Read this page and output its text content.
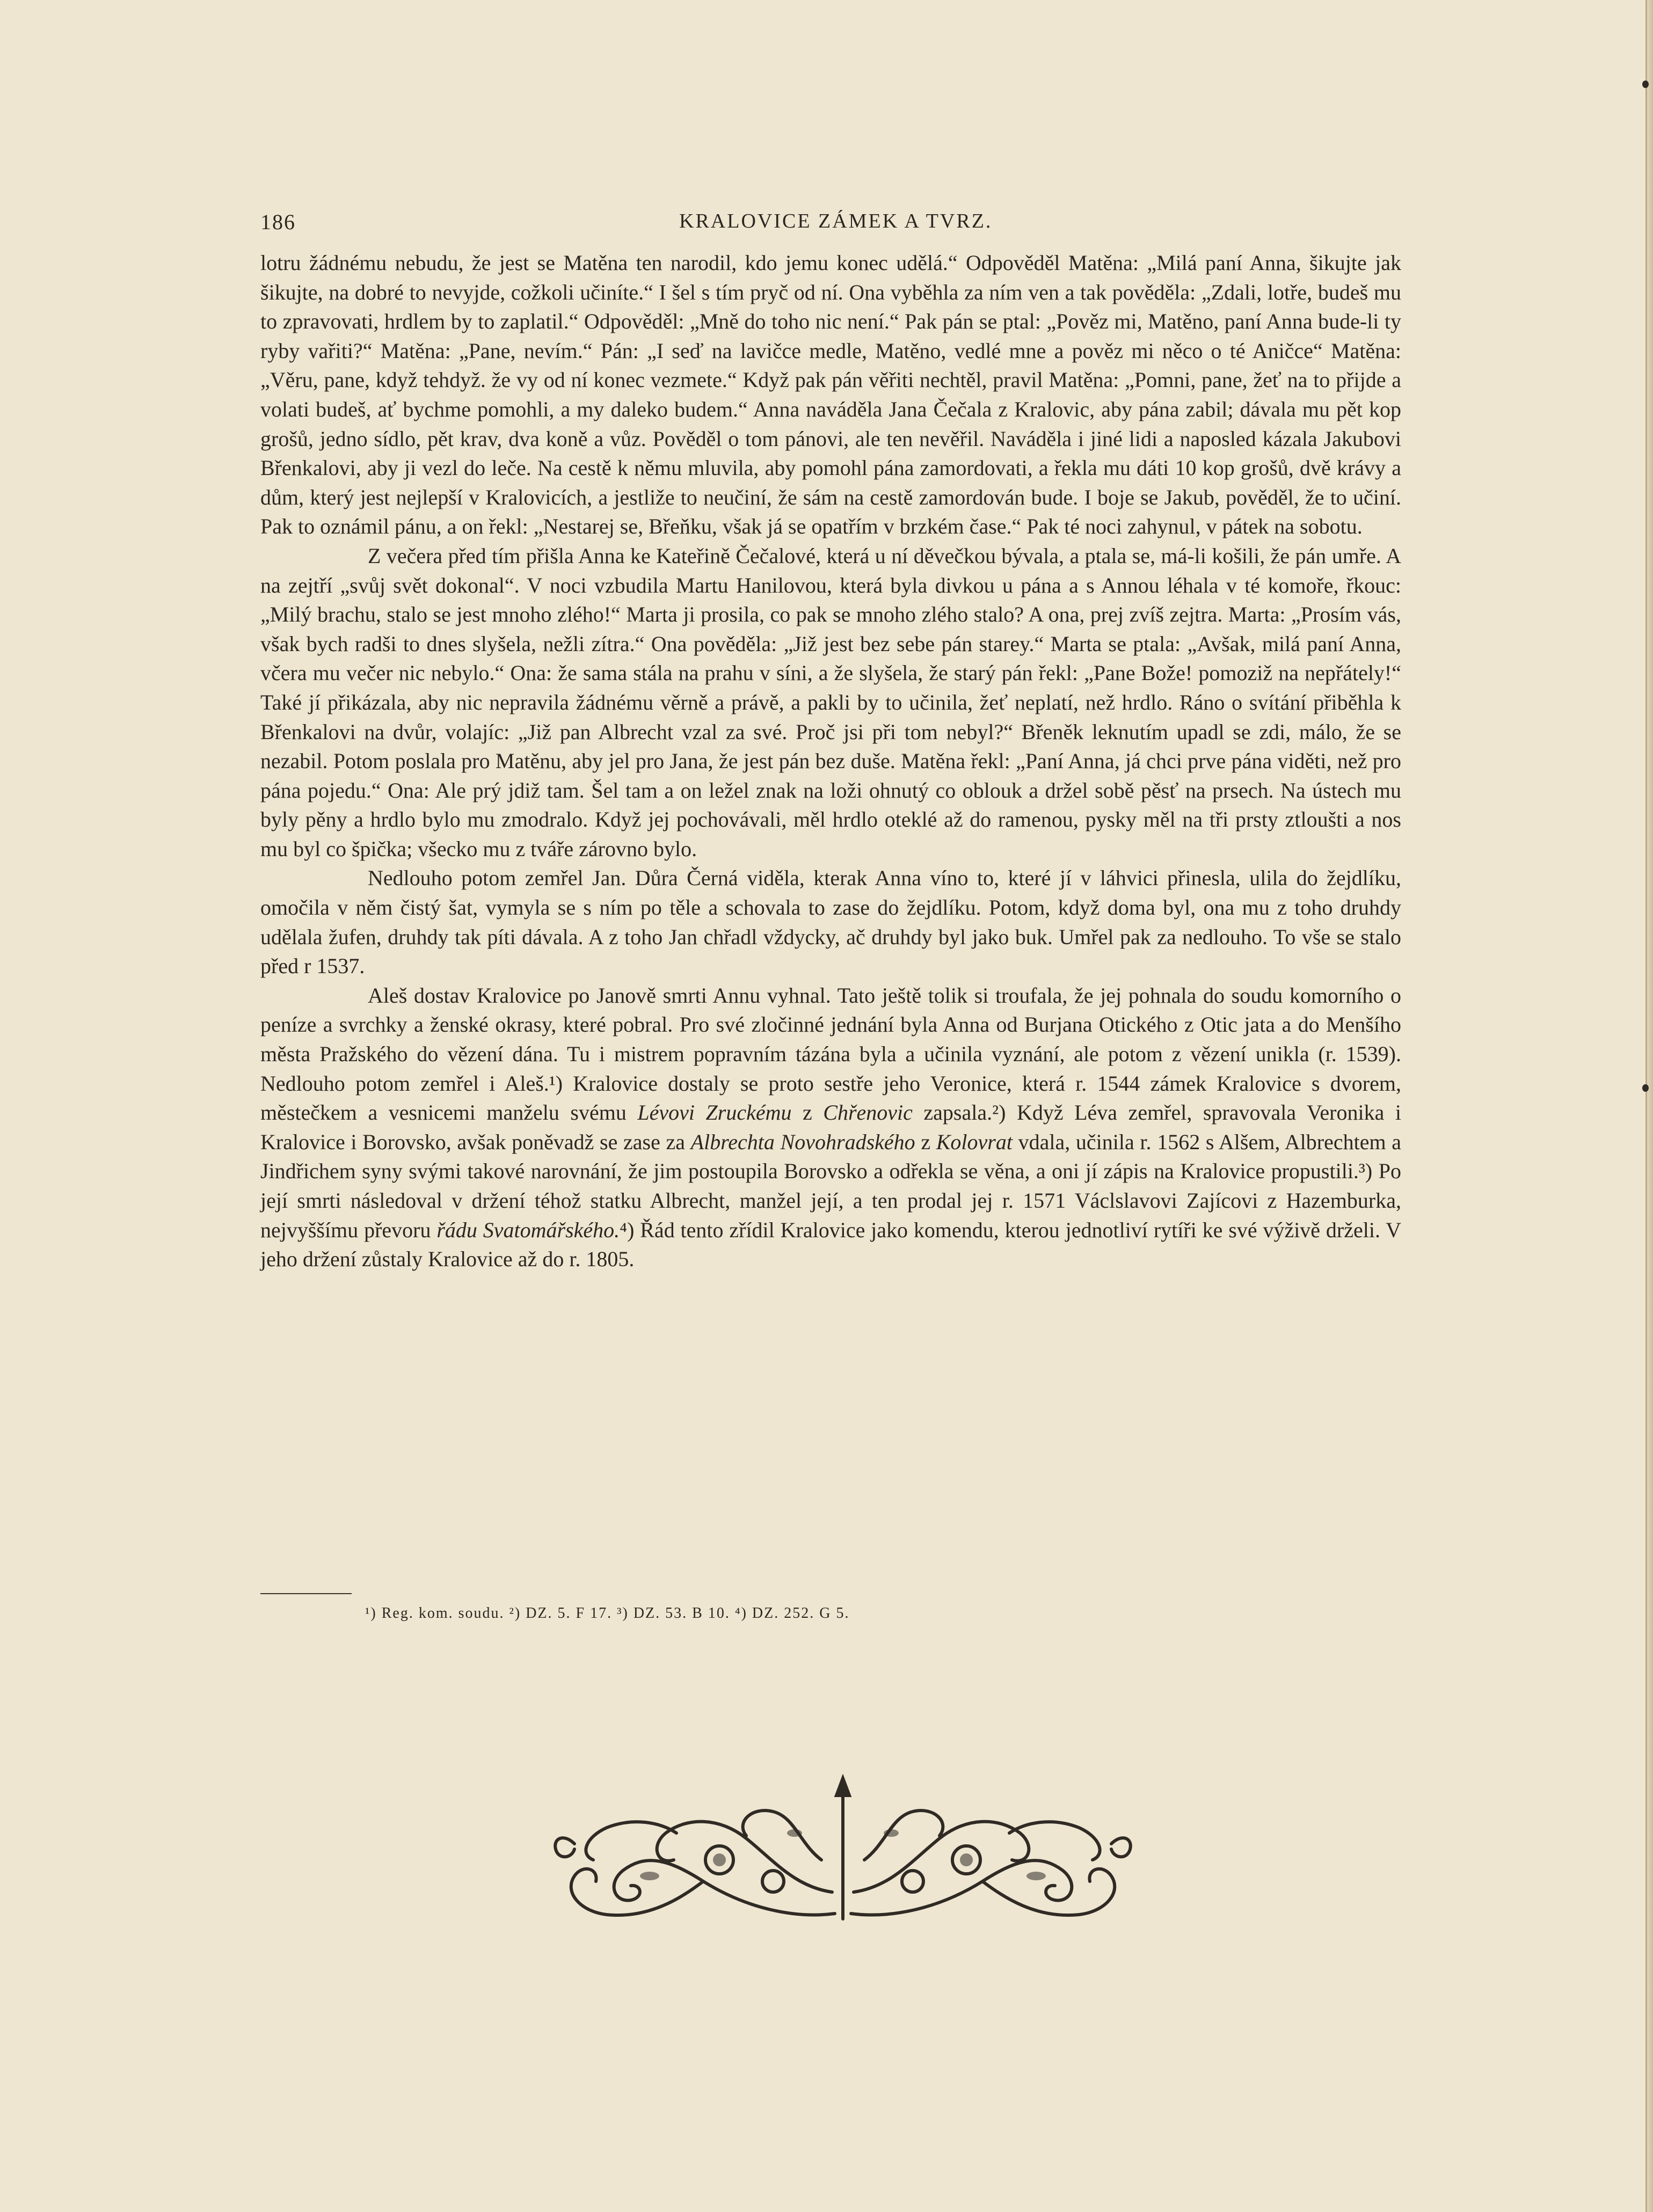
186	KRALOVICE ZÁMEK A TVRZ.

lotru žádnému nebudu, že jest se Matěna ten narodil, kdo jemu konec udělá.“ Odpověděl Matěna: „Milá paní Anna, šikujte jak šikujte, na dobré to nevyjde, cožkoli učiníte.“ I šel s tím pryč od ní. Ona vyběhla za ním ven a tak pověděla: „Zdali, lotře, budeš mu to zpravovati, hrdlem by to zaplatil.“ Odpověděl: „Mně do toho nic není.“ Pak pán se ptal: „Pověz mi, Matěno, paní Anna bude-li ty ryby vařiti?“ Matěna: „Pane, nevím.“ Pán: „I seď na lavičce medle, Matěno, vedlé mne a pověz mi něco o té Aničce“ Matěna: „Věru, pane, když tehdyž. že vy od ní konec vezmete.“ Když pak pán věřiti nechtěl, pravil Matěna: „Pomni, pane, žeť na to přijde a volati budeš, ať bychme pomohli, a my daleko budem.“ Anna naváděla Jana Čečala z Kralovic, aby pána zabil; dávala mu pět kop grošů, jedno sídlo, pět krav, dva koně a vůz. Pověděl o tom pánovi, ale ten nevěřil. Naváděla i jiné lidi a naposled kázala Jakubovi Břenkalovi, aby ji vezl do leče. Na cestě k němu mluvila, aby pomohl pána zamordovati, a řekla mu dáti 10 kop grošů, dvě krávy a dům, který jest nejlepší v Kralovicích, a jestliže to neučiní, že sám na cestě zamordován bude. I boje se Jakub, pověděl, že to učiní. Pak to oznámil pánu, a on řekl: „Nestarej se, Břeňku, však já se opatřím v brzkém čase.“ Pak té noci zahynul, v pátek na sobotu.

Z večera před tím přišla Anna ke Kateřině Čečalové, která u ní děvečkou bývala, a ptala se, má-li košili, že pán umře. A na zejtří „svůj svět dokonal“. V noci vzbudila Martu Hanilovou, která byla divkou u pána a s Annou léhala v té komoře, řkouc: „Milý brachu, stalo se jest mnoho zlého!“ Marta ji prosila, co pak se mnoho zlého stalo? A ona, prej zvíš zejtra. Marta: „Prosím vás, však bych radši to dnes slyšela, nežli zítra.“ Ona pověděla: „Již jest bez sebe pán starey.“ Marta se ptala: „Avšak, milá paní Anna, včera mu večer nic nebylo.“ Ona: že sama stála na prahu v síni, a že slyšela, že starý pán řekl: „Pane Bože! pomoziž na nepřátely!“ Také jí přikázala, aby nic nepravila žádnému věrně a právě, a pakli by to učinila, žeť neplatí, než hrdlo. Ráno o svítání přiběhla k Břenkalovi na dvůr, volajíc: „Již pan Albrecht vzal za své. Proč jsi při tom nebyl?“ Břeněk leknutím upadl se zdi, málo, že se nezabil. Potom poslala pro Matěnu, aby jel pro Jana, že jest pán bez duše. Matěna řekl: „Paní Anna, já chci prve pána viděti, než pro pána pojedu.“ Ona: Ale prý jdiž tam. Šel tam a on ležel znak na loži ohnutý co oblouk a držel sobě pěsť na prsech. Na ústech mu byly pěny a hrdlo bylo mu zmodralo. Když jej pochovávali, měl hrdlo oteklé až do ramenou, pysky měl na tři prsty ztloušti a nos mu byl co špička; všecko mu z tváře zárovno bylo.

Nedlouho potom zemřel Jan. Důra Černá viděla, kterak Anna víno to, které jí v láhvici přinesla, ulila do žejdlíku, omočila v něm čistý šat, vymyla se s ním po těle a schovala to zase do žejdlíku. Potom, když doma byl, ona mu z toho druhdy udělala žufen, druhdy tak píti dávala. A z toho Jan chřadl vždycky, ač druhdy byl jako buk. Umřel pak za nedlouho. To vše se stalo před r 1537.

Aleš dostav Kralovice po Janově smrti Annu vyhnal. Tato ještě tolik si troufala, že jej pohnala do soudu komorního o peníze a svrchky a ženské okrasy, které pobral. Pro své zločinné jednání byla Anna od Burjana Otického z Otic jata a do Menšího města Pražského do vězení dána. Tu i mistrem popravním tázána byla a učinila vyznání, ale potom z vězení unikla (r. 1539). Nedlouho potom zemřel i Aleš.¹) Kralovice dostaly se proto sestře jeho Veronice, která r. 1544 zámek Kralovice s dvorem, městečkem a vesnicemi manželu svému Lévovi Zruckému z Chřenovic zapsala.²) Když Léva zemřel, spravovala Veronika i Kralovice i Borovsko, avšak poněvadž se zase za Albrechta Novohradského z Kolovrat vdala, učinila r. 1562 s Alšem, Albrechtem a Jindřichem syny svými takové narovnání, že jim postoupila Borovsko a odřekla se věna, a oni jí zápis na Kralovice propustili.³) Po její smrti následoval v držení téhož statku Albrecht, manžel její, a ten prodal jej r. 1571 Václslavovi Zajícovi z Hazemburka, nejvyššímu převoru řádu Svatomářského.⁴) Řád tento zřídil Kralovice jako komendu, kterou jednotliví rytíři ke své výživě drželi. V jeho držení zůstaly Kralovice až do r. 1805.

¹) Reg. kom. soudu. ²) DZ. 5. F 17. ³) DZ. 53. B 10. ⁴) DZ. 252. G 5.
